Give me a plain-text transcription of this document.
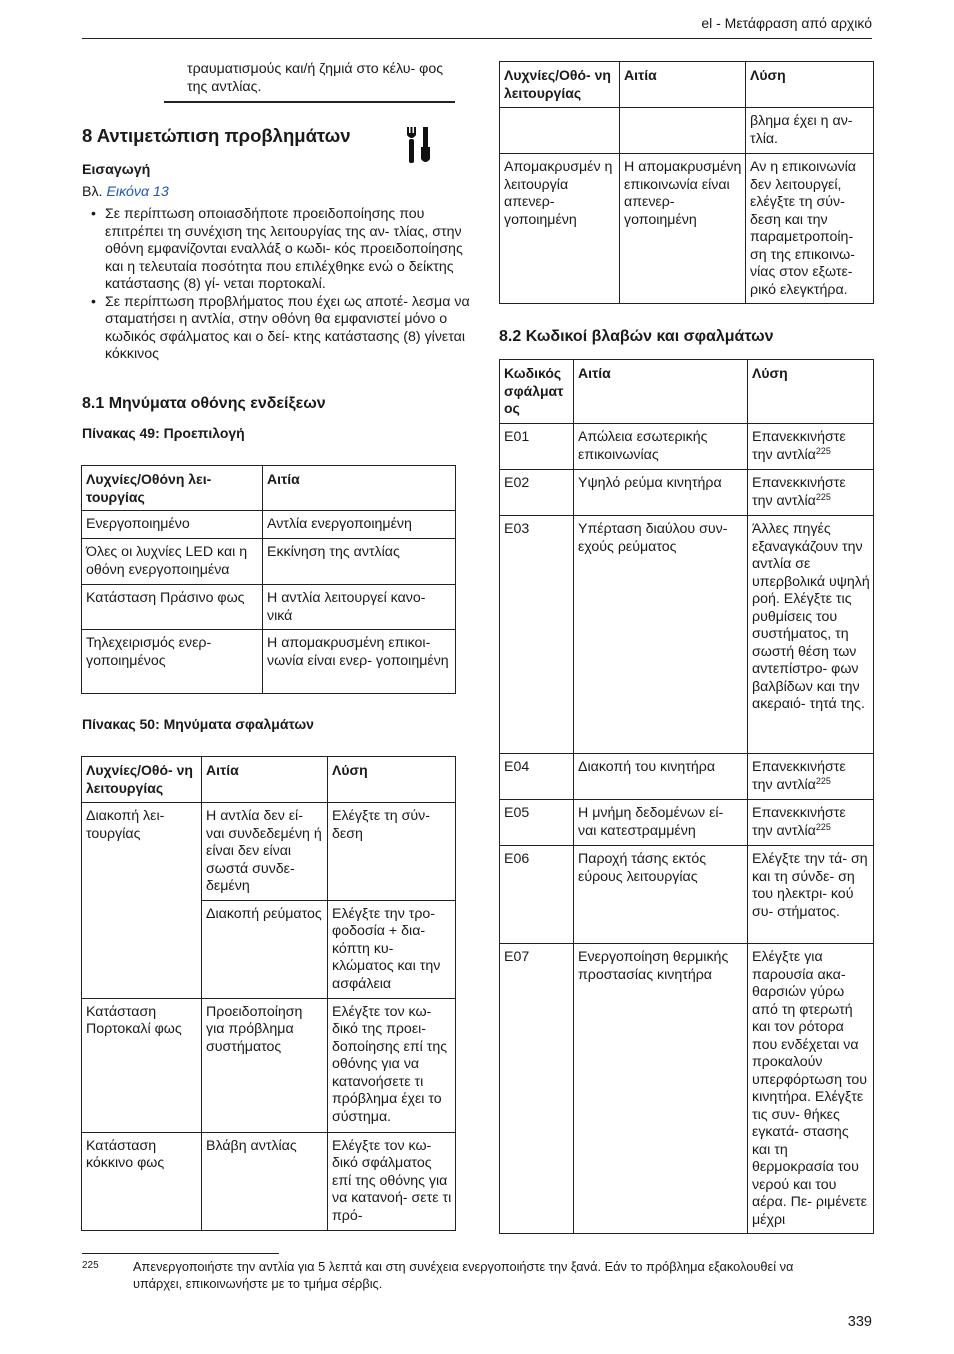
el - Μετάφραση από αρχικό
τραυματισμούς και/ή ζημιά στο κέλυ- φος της αντλίας.
8 Αντιμετώπιση προβλημάτων
Εισαγωγή
Βλ. Εικόνα 13
• Σε περίπτωση οποιασδήποτε προειδοποίησης που επιτρέπει τη συνέχιση της λειτουργίας της αν- τλίας, στην οθόνη εμφανίζονται εναλλάξ ο κωδι- κός προειδοποίησης και η τελευταία ποσότητα που επιλέχθηκε ενώ ο δείκτης κατάστασης (8) γί- νεται πορτοκαλί.
• Σε περίπτωση προβλήματος που έχει ως αποτέ- λεσμα να σταματήσει η αντλία, στην οθόνη θα εμφανιστεί μόνο ο κωδικός σφάλματος και ο δεί- κτης κατάστασης (8) γίνεται κόκκινος
8.1 Μηνύματα οθόνης ενδείξεων
Πίνακας 49: Προεπιλογή
Λυχνίες/Οθόνη λει- τουργίας	Αιτία
Ενεργοποιημένο	Αντλία ενεργοποιημένη
Όλες οι λυχνίες LED και η οθόνη ενεργοποιημένα	Εκκίνηση της αντλίας
Κατάσταση Πράσινο φως	Η αντλία λειτουργεί κανο- νικά
Τηλεχειρισμός ενερ- γοποιημένος	Η απομακρυσμένη επικοι- νωνία είναι ενερ- γοποιημένη
Πίνακας 50: Μηνύματα σφαλμάτων
Λυχνίες/Οθό- νη λειτουργίας	Αιτία	Λύση
Διακοπή λει- τουργίας	Η αντλία δεν εί- ναι συνδεδεμένη ή είναι δεν είναι σωστά συνδε- δεμένη	Ελέγξτε τη σύν- δεση
	Διακοπή ρεύματος	Ελέγξτε την τρο- φοδοσία + δια- κόπτη κυ- κλώματος και την ασφάλεια
Κατάσταση Πορτοκαλί φως	Προειδοποίηση για πρόβλημα συστήματος	Ελέγξτε τον κω- δικό της προει- δοποίησης επί της οθόνης για να κατανοήσετε τι πρόβλημα έχει το σύστημα.
Κατάσταση κόκκινο φως	Βλάβη αντλίας	Ελέγξτε τον κω- δικό σφάλματος επί της οθόνης για να κατανοή- σετε τι πρό-
Λυχνίες/Οθό- νη λειτουργίας	Αιτία	Λύση
		βλημα έχει η αν- τλία.
Απομακρυσμέν η λειτουργία απενερ- γοποιημένη	Η απομακρυσμένη επικοινωνία είναι απενερ- γοποιημένη	Αν η επικοινωνία δεν λειτουργεί, ελέγξτε τη σύν- δεση και την παραμετροποίη- ση της επικοινω- νίας στον εξωτε- ρικό ελεγκτήρα.
8.2 Κωδικοί βλαβών και σφαλμάτων
Κωδικός σφάλματ ος	Αιτία	Λύση
E01	Απώλεια εσωτερικής επικοινωνίας	Επανεκκινήστε την αντλία$^{225}$
E02	Υψηλό ρεύμα κινητήρα	Επανεκκινήστε την αντλία$^{225}$
E03	Υπέρταση διαύλου συν- εχούς ρεύματος	Άλλες πηγές εξαναγκάζουν την αντλία σε υπερβολικά υψηλή ροή. Ελέγξτε τις ρυθμίσεις του συστήματος, τη σωστή θέση των αντεπίστρο- φων βαλβίδων και την ακεραιό- τητά της.
E04	Διακοπή του κινητήρα	Επανεκκινήστε την αντλία$^{225}$
E05	Η μνήμη δεδομένων εί- ναι κατεστραμμένη	Επανεκκινήστε την αντλία$^{225}$
E06	Παροχή τάσης εκτός εύρους λειτουργίας	Ελέγξτε την τά- ση και τη σύνδε- ση του ηλεκτρι- κού συ- στήματος.
E07	Ενεργοποίηση θερμικής προστασίας κινητήρα	Ελέγξτε για παρουσία ακα- θαρσιών γύρω από τη φτερωτή και τον ρότορα που ενδέχεται να προκαλούν υπερφόρτωση του κινητήρα. Ελέγξτε τις συν- θήκες εγκατά- στασης και τη θερμοκρασία του νερού και του αέρα. Πε- ριμένετε μέχρι
225	Απενεργοποιήστε την αντλία για 5 λεπτά και στη συνέχεια ενεργοποιήστε την ξανά. Εάν το πρόβλημα εξακολουθεί να υπάρχει, επικοινωνήστε με το τμήμα σέρβις.
339
